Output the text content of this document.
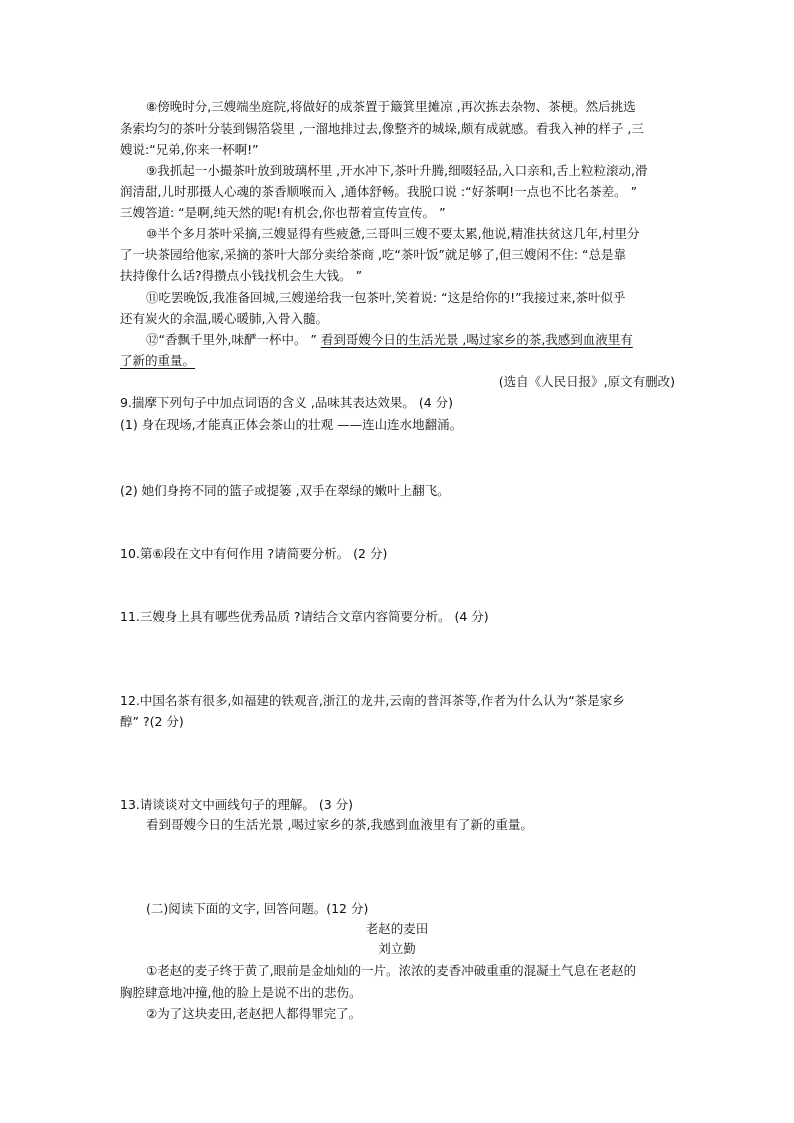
⑧傍晚时分,三嫂端坐庭院,将做好的成茶置于簸箕里摊凉 ,再次拣去杂物、茶梗。然后挑选
条索均匀的茶叶分装到锡箔袋里 ,一溜地排过去,像整齐的城垛,颇有成就感。看我入神的样子 ,三
嫂说:“兄弟,你来一杯啊!”
⑨我抓起一小撮茶叶放到玻璃杯里 ,开水冲下,茶叶升腾,细啜轻品,入口亲和,舌上粒粒滚动,滑
润清甜,儿时那摄人心魂的茶香顺喉而入 ,通体舒畅。我脱口说 :“好茶啊!一点也不比名茶差。 ”
三嫂答道: “是啊,纯天然的呢!有机会,你也帮着宣传宣传。 ”
⑩半个多月茶叶采摘,三嫂显得有些疲惫,三哥叫三嫂不要太累,他说,精准扶贫这几年,村里分
了一块茶园给他家,采摘的茶叶大部分卖给茶商 ,吃“茶叶饭”就足够了,但三嫂闲不住: “总是靠
扶持像什么话?得攒点小钱找机会生大钱。 ”
⑪吃罢晚饭,我准备回城,三嫂递给我一包茶叶,笑着说: “这是给你的!”我接过来,茶叶似乎
还有炭火的余温,暖心暖肺,入骨入髓。
⑫“香飘千里外,味酽一杯中。 ” 看到哥嫂今日的生活光景 ,喝过家乡的茶,我感到血液里有
了新的重量。
(选自《人民日报》,原文有删改)
9.揣摩下列句子中加点词语的含义 ,品味其表达效果。 (4 分)
(1) 身在现场,才能真正体会茶山的壮观 ——连山连水地翻涌。
(2) 她们身挎不同的篮子或提篓 ,双手在翠绿的嫩叶上翻飞。
10.第⑥段在文中有何作用 ?请简要分析。 (2 分)
11.三嫂身上具有哪些优秀品质 ?请结合文章内容简要分析。 (4 分)
12.中国名茶有很多,如福建的铁观音,浙江的龙井,云南的普洱茶等,作者为什么认为“茶是家乡
醇” ?(2 分)
13.请谈谈对文中画线句子的理解。 (3 分)
看到哥嫂今日的生活光景 ,喝过家乡的茶,我感到血液里有了新的重量。
(二)阅读下面的文字, 回答问题。(12 分)
老赵的麦田
刘立勤
①老赵的麦子终于黄了,眼前是金灿灿的一片。浓浓的麦香冲破重重的混凝土气息在老赵的
胸腔肆意地冲撞,他的脸上是说不出的悲伤。
②为了这块麦田,老赵把人都得罪完了。
